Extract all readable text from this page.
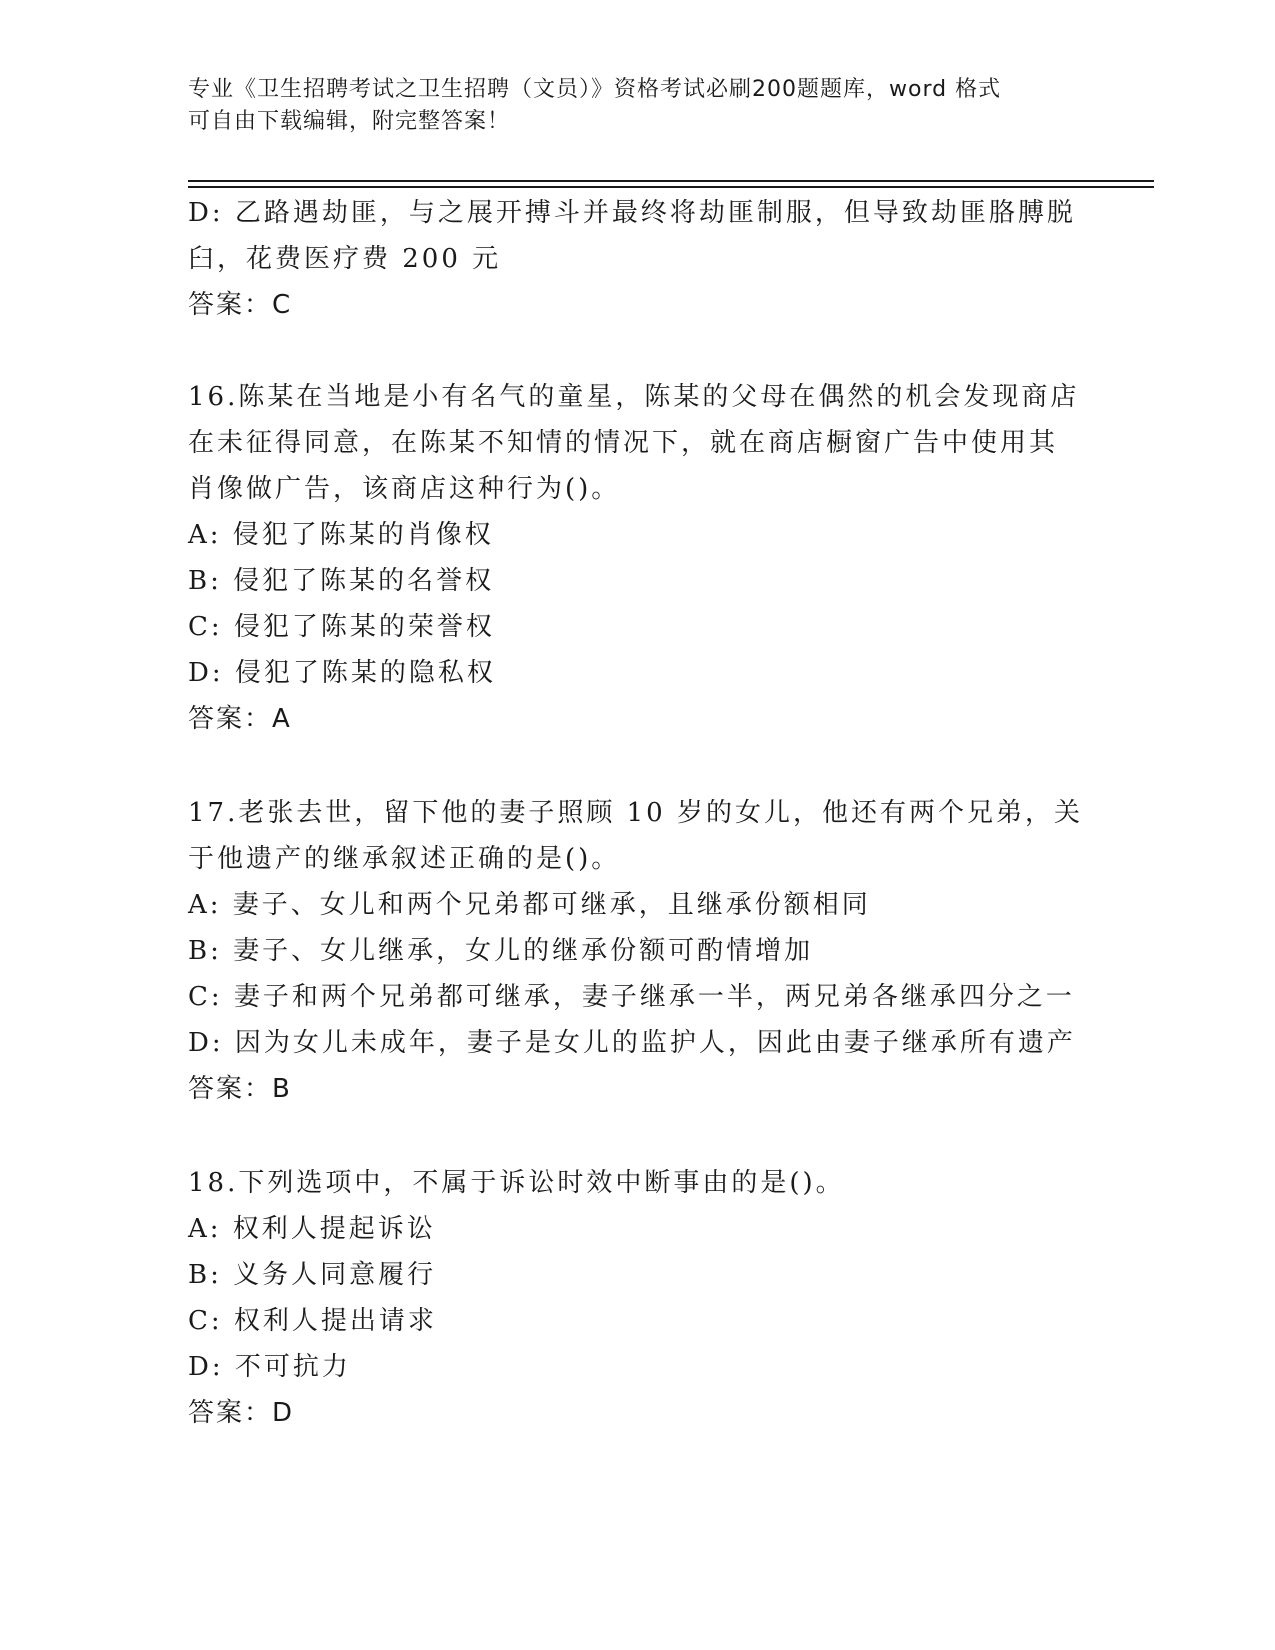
专业《卫生招聘考试之卫生招聘（文员）》资格考试必刷200题题库，word 格式
可自由下载编辑，附完整答案！

D: 乙路遇劫匪，与之展开搏斗并最终将劫匪制服，但导致劫匪胳膊脱

臼，花费医疗费 200 元

答案：C

16.陈某在当地是小有名气的童星，陈某的父母在偶然的机会发现商店

在未征得同意，在陈某不知情的情况下，就在商店橱窗广告中使用其

肖像做广告，该商店这种行为()。

A: 侵犯了陈某的肖像权

B: 侵犯了陈某的名誉权

C: 侵犯了陈某的荣誉权

D: 侵犯了陈某的隐私权

答案：A

17.老张去世，留下他的妻子照顾 10 岁的女儿，他还有两个兄弟，关

于他遗产的继承叙述正确的是()。

A: 妻子、女儿和两个兄弟都可继承，且继承份额相同

B: 妻子、女儿继承，女儿的继承份额可酌情增加

C: 妻子和两个兄弟都可继承，妻子继承一半，两兄弟各继承四分之一

D: 因为女儿未成年，妻子是女儿的监护人，因此由妻子继承所有遗产

答案：B

18.下列选项中，不属于诉讼时效中断事由的是()。

A: 权利人提起诉讼

B: 义务人同意履行

C: 权利人提出请求

D: 不可抗力

答案：D
